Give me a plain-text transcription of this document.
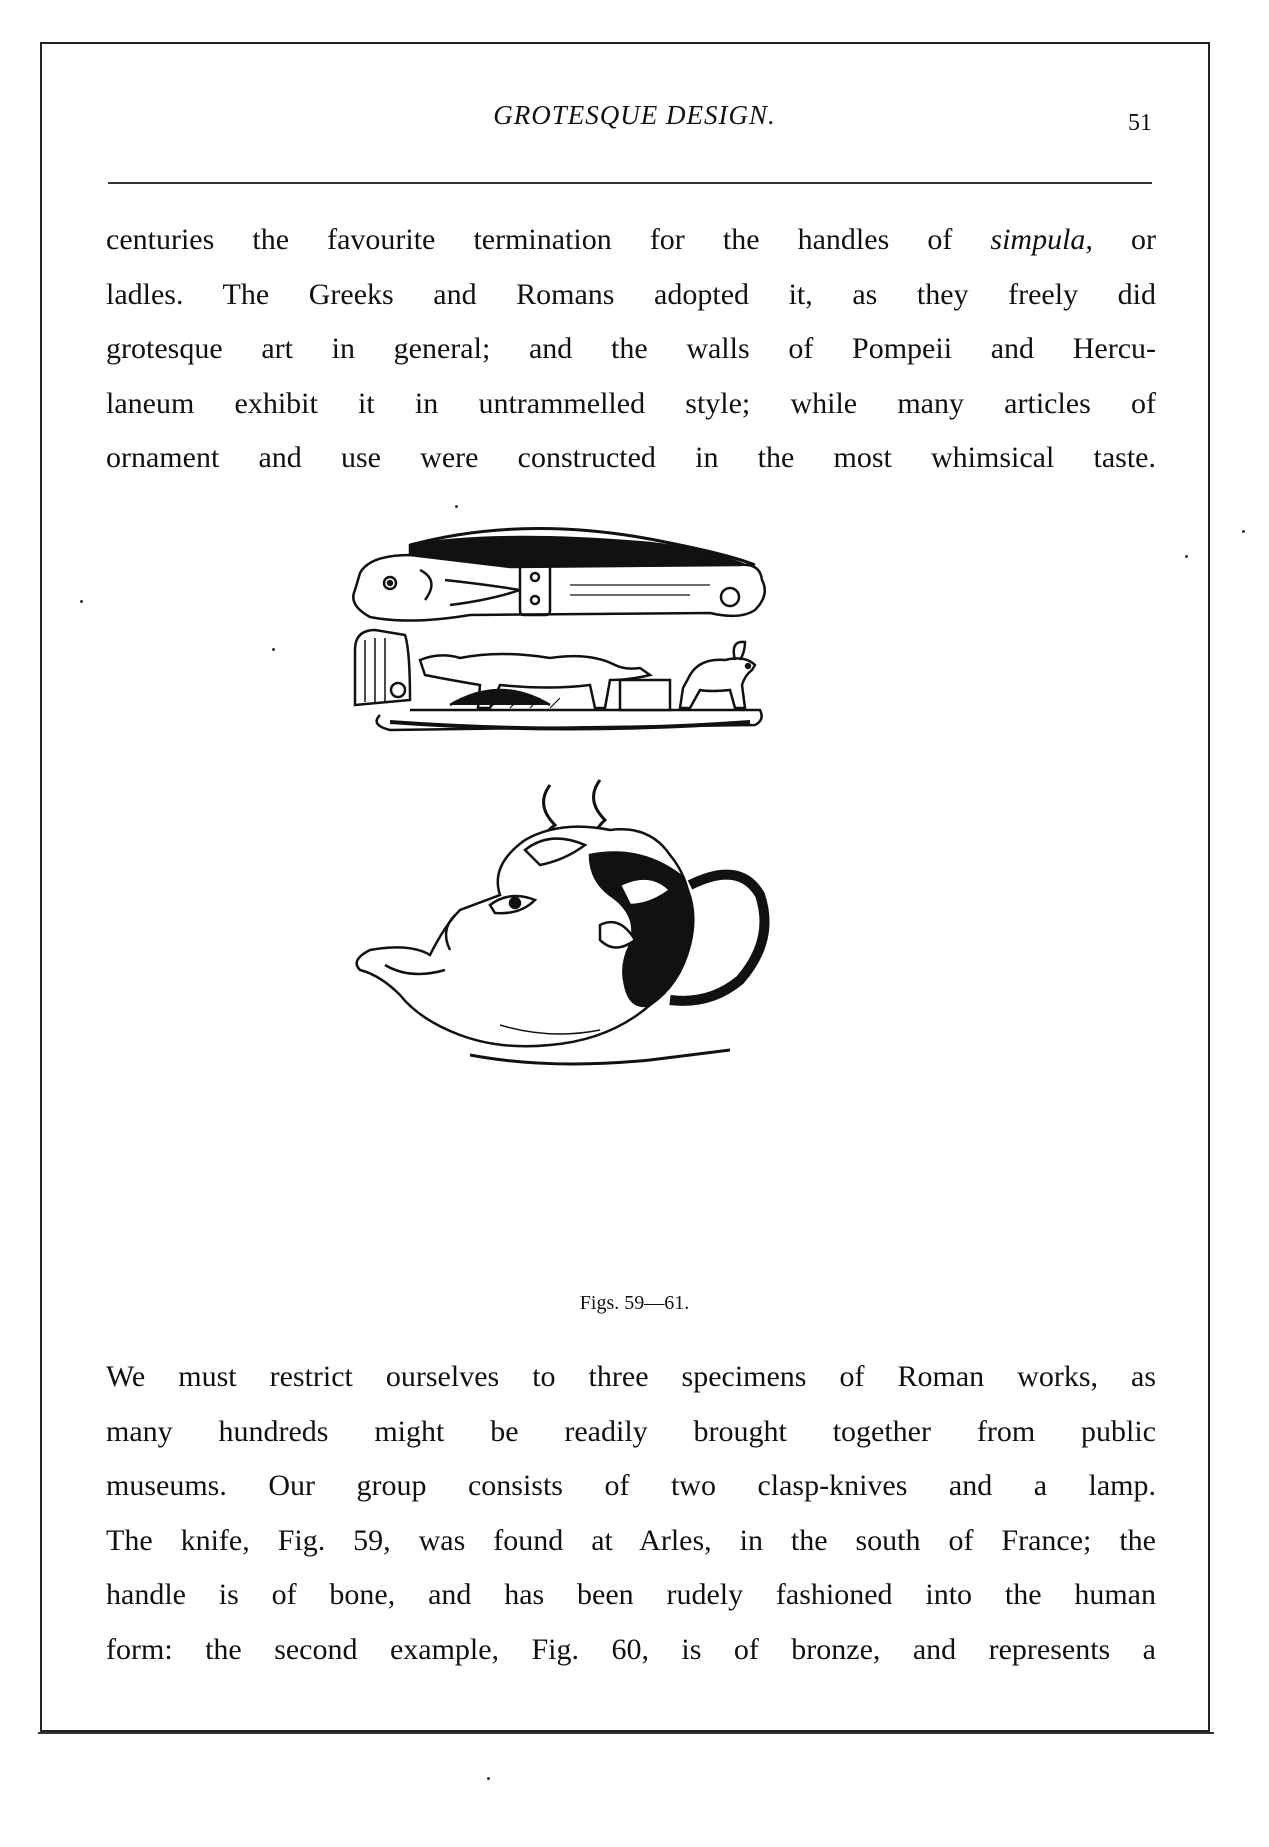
GROTESQUE DESIGN.	51

centuries the favourite termination for the handles of simpula, or
ladles. The Greeks and Romans adopted it, as they freely did
grotesque art in general; and the walls of Pompeii and Hercu-
laneum exhibit it in untrammelled style; while many articles of
ornament and use were constructed in the most whimsical taste.

Figs. 59—61.

We must restrict ourselves to three specimens of Roman works, as
many hundreds might be readily brought together from public
museums. Our group consists of two clasp-knives and a lamp.
The knife, Fig. 59, was found at Arles, in the south of France; the
handle is of bone, and has been rudely fashioned into the human
form: the second example, Fig. 60, is of bronze, and represents a
